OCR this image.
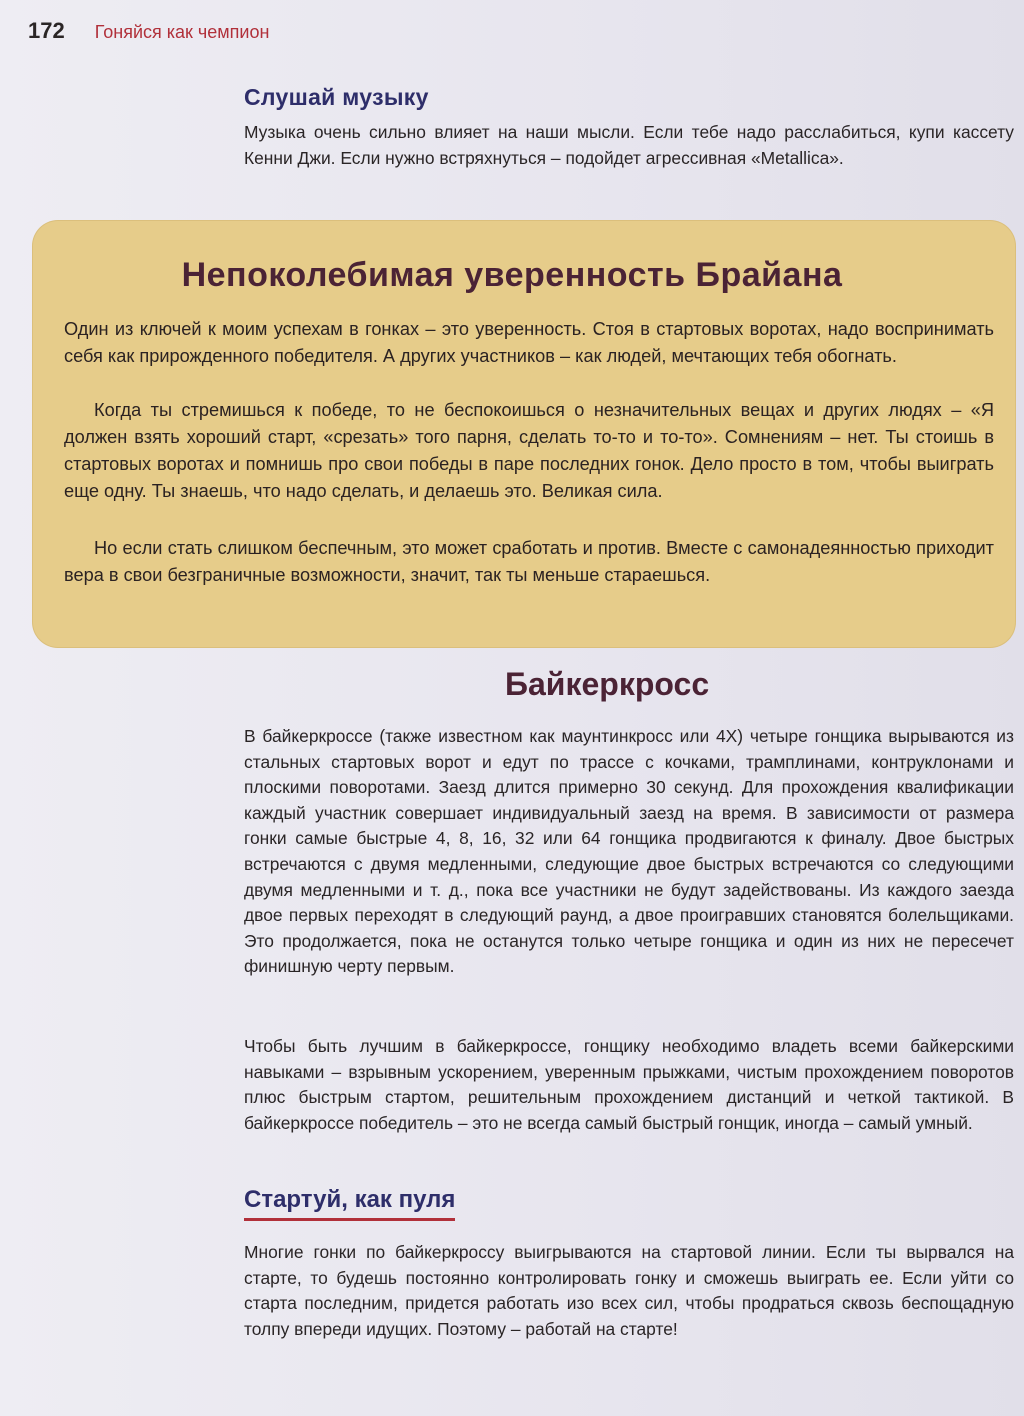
172 Гоняйся как чемпион
Слушай музыку

Музыка очень сильно влияет на наши мысли. Если тебе надо расслабиться, купи кассету Кенни Джи. Если нужно встряхнуться – подойдет агрессивная «Metallica».

Непоколебимая уверенность Брайана

Один из ключей к моим успехам в гонках – это уверенность. Стоя в стартовых воротах, надо воспринимать себя как прирожденного победителя. А других участников – как людей, мечтающих тебя обогнать.

Когда ты стремишься к победе, то не беспокоишься о незначительных вещах и других людях – «Я должен взять хороший старт, «срезать» того парня, сделать то-то и то-то». Сомнениям – нет. Ты стоишь в стартовых воротах и помнишь про свои победы в паре последних гонок. Дело просто в том, чтобы выиграть еще одну. Ты знаешь, что надо сделать, и делаешь это. Великая сила.

Но если стать слишком беспечным, это может сработать и против. Вместе с самонадеянностью приходит вера в свои безграничные возможности, значит, так ты меньше стараешься.

Байкеркросс

В байкеркроссе (также известном как маунтинкросс или 4Х) четыре гонщика вырываются из стальных стартовых ворот и едут по трассе с кочками, трамплинами, контруклонами и плоскими поворотами. Заезд длится примерно 30 секунд. Для прохождения квалификации каждый участник совершает индивидуальный заезд на время. В зависимости от размера гонки самые быстрые 4, 8, 16, 32 или 64 гонщика продвигаются к финалу. Двое быстрых встречаются с двумя медленными, следующие двое быстрых встречаются со следующими двумя медленными и т. д., пока все участники не будут задействованы. Из каждого заезда двое первых переходят в следующий раунд, а двое проигравших становятся болельщиками. Это продолжается, пока не останутся только четыре гонщика и один из них не пересечет финишную черту первым.

Чтобы быть лучшим в байкеркроссе, гонщику необходимо владеть всеми байкерскими навыками – взрывным ускорением, уверенным прыжками, чистым прохождением поворотов плюс быстрым стартом, решительным прохождением дистанций и четкой тактикой. В байкеркроссе победитель – это не всегда самый быстрый гонщик, иногда – самый умный.

Стартуй, как пуля

Многие гонки по байкеркроссу выигрываются на стартовой линии. Если ты вырвался на старте, то будешь постоянно контролировать гонку и сможешь выиграть ее. Если уйти со старта последним, придется работать изо всех сил, чтобы продраться сквозь беспощадную толпу впереди идущих. Поэтому – работай на старте!
